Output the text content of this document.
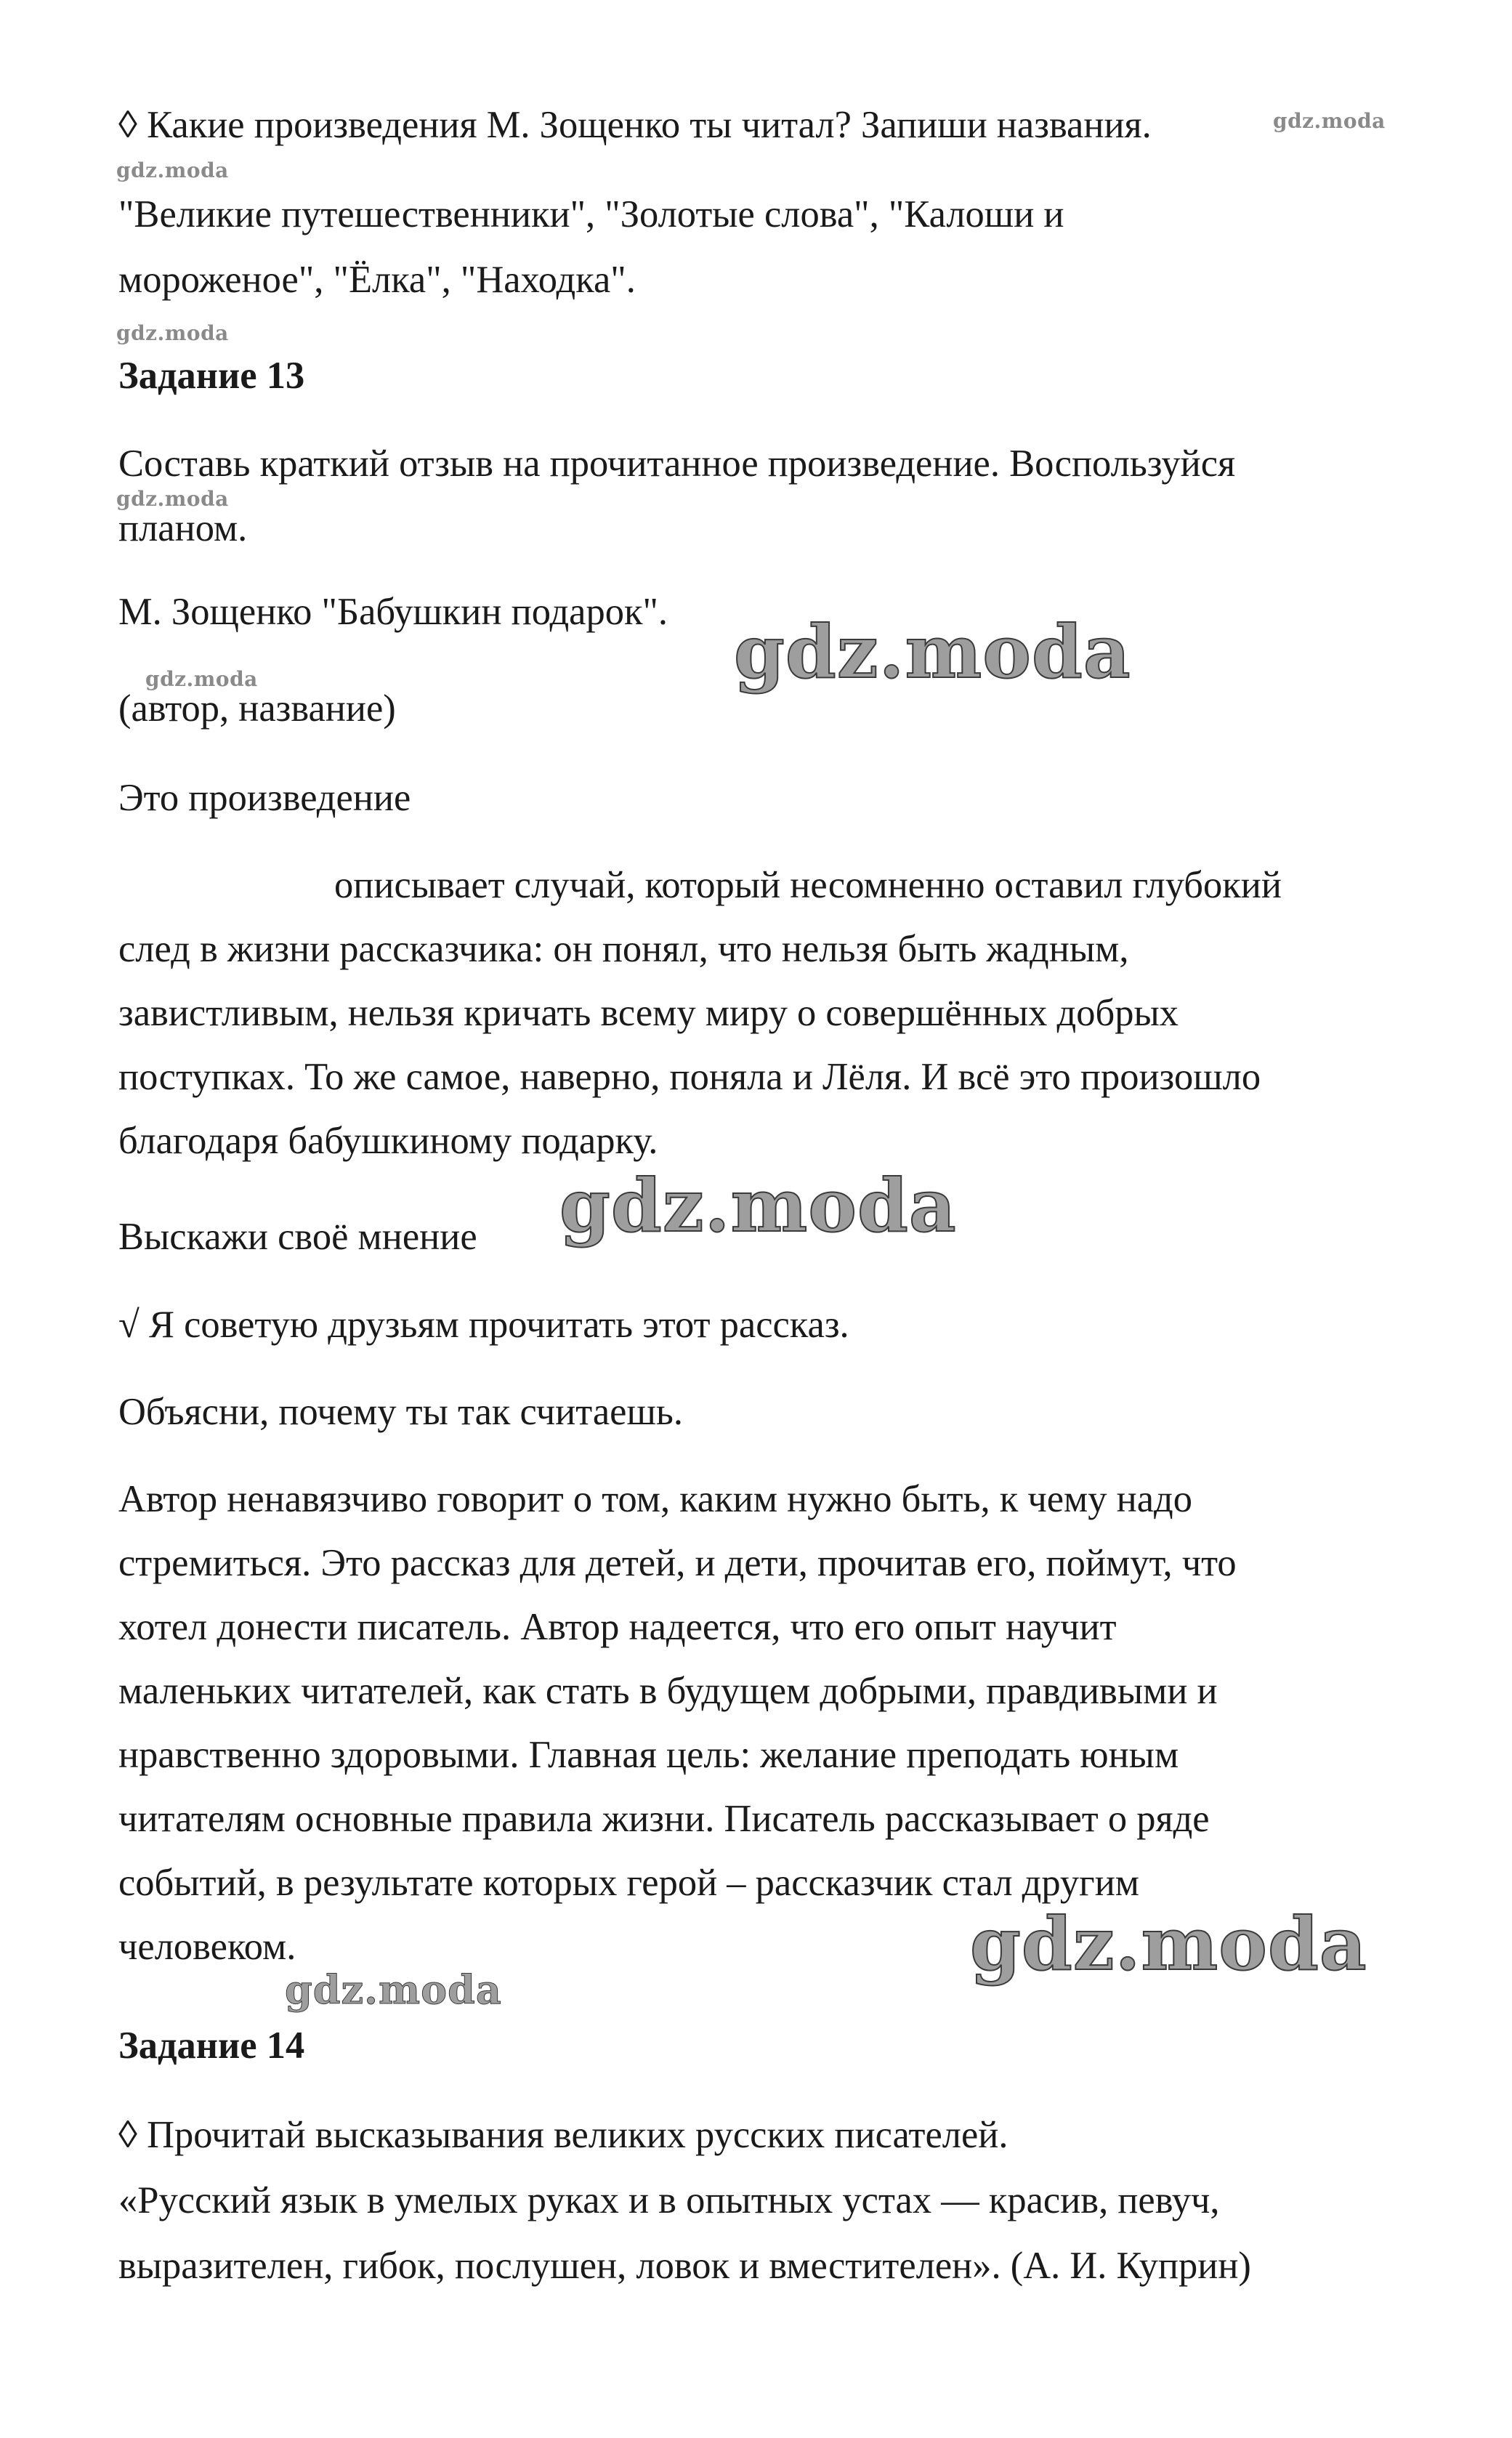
◊ Какие произведения М. Зощенко ты читал? Запиши названия.
"Великие путешественники", "Золотые слова", "Калоши и
мороженое", "Ёлка", "Находка".
Задание 13
Составь краткий отзыв на прочитанное произведение. Воспользуйся
планом.
М. Зощенко "Бабушкин подарок".
(автор, название)
Это произведение
описывает случай, который несомненно оставил глубокий
след в жизни рассказчика: он понял, что нельзя быть жадным,
завистливым, нельзя кричать всему миру о совершённых добрых
поступках. То же самое, наверно, поняла и Лёля. И всё это произошло
благодаря бабушкиному подарку.
Выскажи своё мнение
√ Я советую друзьям прочитать этот рассказ.
Объясни, почему ты так считаешь.
Автор ненавязчиво говорит о том, каким нужно быть, к чему надо
стремиться. Это рассказ для детей, и дети, прочитав его, поймут, что
хотел донести писатель. Автор надеется, что его опыт научит
маленьких читателей, как стать в будущем добрыми, правдивыми и
нравственно здоровыми. Главная цель: желание преподать юным
читателям основные правила жизни. Писатель рассказывает о ряде
событий, в результате которых герой – рассказчик стал другим
человеком.
Задание 14
◊ Прочитай высказывания великих русских писателей.
«Русский язык в умелых руках и в опытных устах — красив, певуч,
выразителен, гибок, послушен, ловок и вместителен». (А. И. Куприн)
gdz.moda
gdz.moda
gdz.moda
gdz.moda
gdz.moda	gdz.moda
gdz.moda
gdz.moda
gdz.moda
